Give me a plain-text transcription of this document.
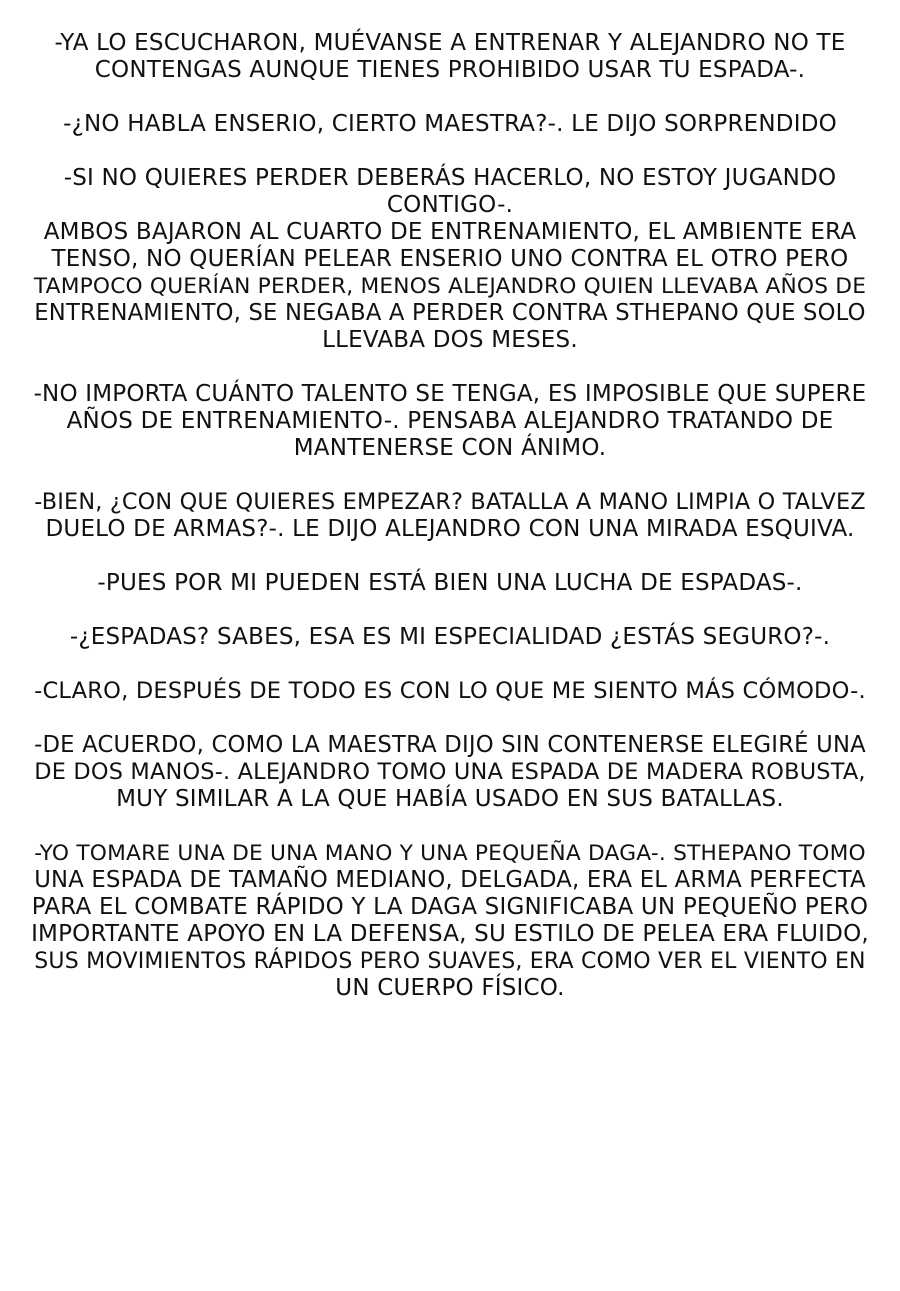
-YA LO ESCUCHARON, MUÉVANSE A ENTRENAR Y ALEJANDRO NO TE
CONTENGAS AUNQUE TIENES PROHIBIDO USAR TU ESPADA-.

-¿NO HABLA ENSERIO, CIERTO MAESTRA?-. LE DIJO SORPRENDIDO

-SI NO QUIERES PERDER DEBERÁS HACERLO, NO ESTOY JUGANDO
CONTIGO-.

AMBOS BAJARON AL CUARTO DE ENTRENAMIENTO, EL AMBIENTE ERA
TENSO, NO QUERÍAN PELEAR ENSERIO UNO CONTRA EL OTRO PERO
TAMPOCO QUERÍAN PERDER, MENOS ALEJANDRO QUIEN LLEVABA AÑOS DE
ENTRENAMIENTO, SE NEGABA A PERDER CONTRA STHEPANO QUE SOLO
LLEVABA DOS MESES.

-NO IMPORTA CUÁNTO TALENTO SE TENGA, ES IMPOSIBLE QUE SUPERE
AÑOS DE ENTRENAMIENTO-. PENSABA ALEJANDRO TRATANDO DE
MANTENERSE CON ÁNIMO.

-BIEN, ¿CON QUE QUIERES EMPEZAR? BATALLA A MANO LIMPIA O TALVEZ
DUELO DE ARMAS?-. LE DIJO ALEJANDRO CON UNA MIRADA ESQUIVA.

-PUES POR MI PUEDEN ESTÁ BIEN UNA LUCHA DE ESPADAS-.

-¿ESPADAS? SABES, ESA ES MI ESPECIALIDAD ¿ESTÁS SEGURO?-.

-CLARO, DESPUÉS DE TODO ES CON LO QUE ME SIENTO MÁS CÓMODO-.

-DE ACUERDO, COMO LA MAESTRA DIJO SIN CONTENERSE ELEGIRÉ UNA
DE DOS MANOS-. ALEJANDRO TOMO UNA ESPADA DE MADERA ROBUSTA,
MUY SIMILAR A LA QUE HABÍA USADO EN SUS BATALLAS.

-YO TOMARE UNA DE UNA MANO Y UNA PEQUEÑA DAGA-. STHEPANO TOMO
UNA ESPADA DE TAMAÑO MEDIANO, DELGADA, ERA EL ARMA PERFECTA
PARA EL COMBATE RÁPIDO Y LA DAGA SIGNIFICABA UN PEQUEÑO PERO
IMPORTANTE APOYO EN LA DEFENSA, SU ESTILO DE PELEA ERA FLUIDO,
SUS MOVIMIENTOS RÁPIDOS PERO SUAVES, ERA COMO VER EL VIENTO EN
UN CUERPO FÍSICO.
